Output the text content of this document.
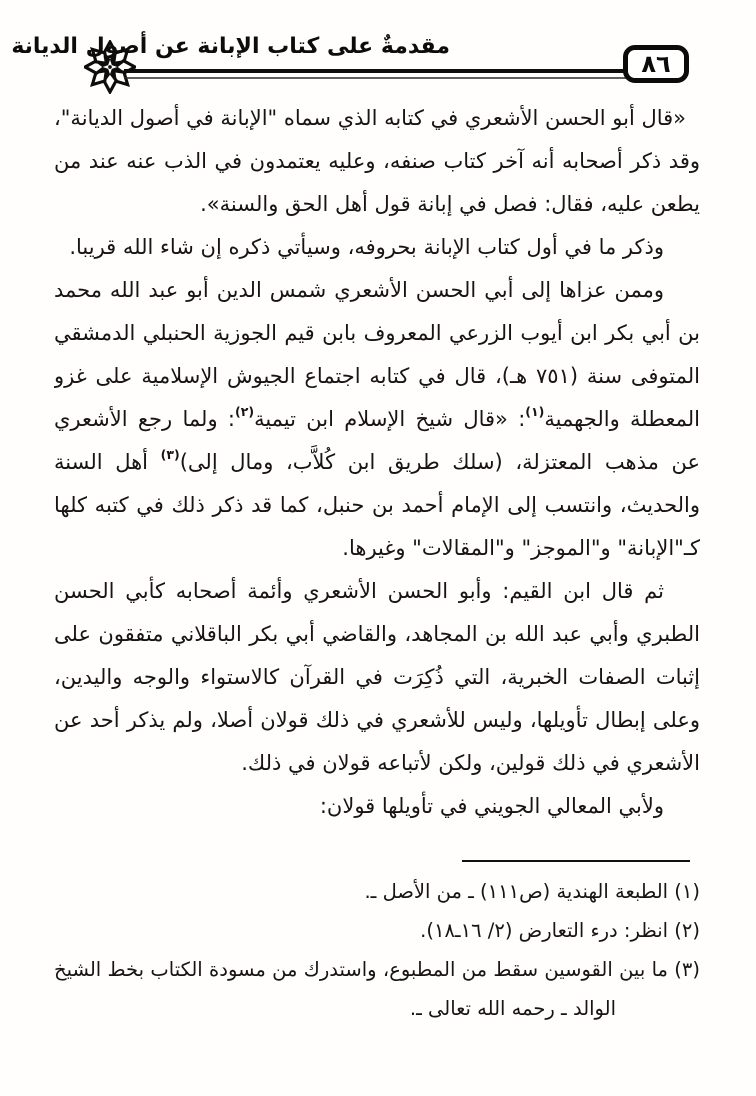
مقدمةٌ على كتاب الإبانة عن أصول الديانة
٨٦

«قال أبو الحسن الأشعري في كتابه الذي سماه "الإبانة في أصول الديانة"، وقد ذكر أصحابه أنه آخر كتاب صنفه، وعليه يعتمدون في الذب عنه عند من يطعن عليه، فقال: فصل في إبانة قول أهل الحق والسنة».

وذكر ما في أول كتاب الإبانة بحروفه، وسيأتي ذكره إن شاء الله قريبا.

وممن عزاها إلى أبي الحسن الأشعري شمس الدين أبو عبد الله محمد بن أبي بكر ابن أيوب الزرعي المعروف بابن قيم الجوزية الحنبلي الدمشقي المتوفى سنة (٧٥١ هـ)، قال في كتابه اجتماع الجيوش الإسلامية على غزو المعطلة والجهمية$^{(١)}$: «قال شيخ الإسلام ابن تيمية$^{(٢)}$: ولما رجع الأشعري عن مذهب المعتزلة، (سلك طريق ابن كُلاَّب، ومال إلى)$^{(٣)}$ أهل السنة والحديث، وانتسب إلى الإمام أحمد بن حنبل، كما قد ذكر ذلك في كتبه كلها كـ"الإبانة" و"الموجز" و"المقالات" وغيرها.

ثم قال ابن القيم: وأبو الحسن الأشعري وأئمة أصحابه كأبي الحسن الطبري وأبي عبد الله بن المجاهد، والقاضي أبي بكر الباقلاني متفقون على إثبات الصفات الخبرية، التي ذُكِرَت في القرآن كالاستواء والوجه واليدين، وعلى إبطال تأويلها، وليس للأشعري في ذلك قولان أصلا، ولم يذكر أحد عن الأشعري في ذلك قولين، ولكن لأتباعه قولان في ذلك.

ولأبي المعالي الجويني في تأويلها قولان:

(١) الطبعة الهندية (ص١١١) ـ من الأصل ـ.

(٢) انظر: درء التعارض (٢/ ١٦ـ١٨).

(٣) ما بين القوسين سقط من المطبوع، واستدرك من مسودة الكتاب بخط الشيخ الوالد ـ رحمه الله تعالى ـ.
